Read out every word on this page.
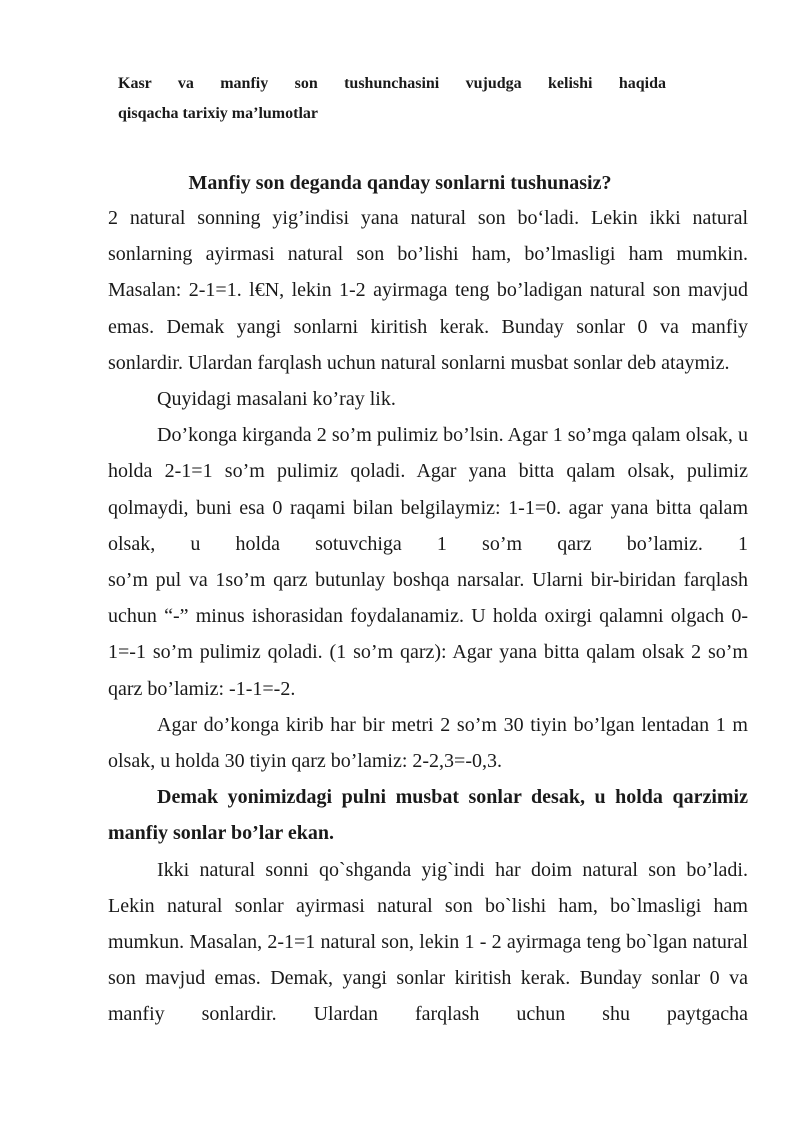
Kasr va manfiy son tushunchasini vujudga kelishi haqida
qisqacha tarixiy ma’lumotlar
Manfiy son deganda qanday sonlarni tushunasiz?

2 natural sonning yig’indisi yana natural son bo‘ladi. Lekin ikki natural sonlarning ayirmasi natural son bo’lishi ham, bo’lmasligi ham mumkin. Masalan: 2-1=1. l€N, lekin 1-2 ayirmaga teng bo’ladigan natural son mavjud emas. Demak yangi sonlarni kiritish kerak. Bunday sonlar 0 va manfiy sonlardir. Ulardan farqlash uchun natural sonlarni musbat sonlar deb ataymiz.

Quyidagi masalani ko’ray lik.

Do’konga kirganda 2 so’m pulimiz bo’lsin. Agar 1 so’mga qalam olsak, u holda 2-1=1 so’m pulimiz qoladi. Agar yana bitta qalam olsak, pulimiz qolmaydi, buni esa 0 raqami bilan belgilaymiz: 1-1=0. agar yana bitta qalam olsak, u holda sotuvchiga 1 so’m qarz bo’lamiz. 1

so’m pul va 1so’m qarz butunlay boshqa narsalar. Ularni bir-biridan farqlash uchun “-” minus ishorasidan foydalanamiz. U holda oxirgi qalamni olgach 0-1=-1 so’m pulimiz qoladi. (1 so’m qarz): Agar yana bitta qalam olsak 2 so’m qarz bo’lamiz: -1-1=-2.

Agar do’konga kirib har bir metri 2 so’m 30 tiyin bo’lgan lentadan 1 m olsak, u holda 30 tiyin qarz bo’lamiz: 2-2,3=-0,3.

Demak yonimizdagi pulni musbat sonlar desak, u holda qarzimiz manfiy sonlar bo’lar ekan.

Ikki natural sonni qo`shganda yig`indi har doim natural son bo’ladi. Lekin natural sonlar ayirmasi natural son bo`lishi ham, bo`lmasligi ham mumkun. Masalan, 2-1=1 natural son, lekin 1 - 2 ayirmaga teng bo`lgan natural son mavjud emas. Demak, yangi sonlar kiritish kerak. Bunday sonlar 0 va manfiy sonlardir. Ulardan farqlash uchun shu paytgacha
